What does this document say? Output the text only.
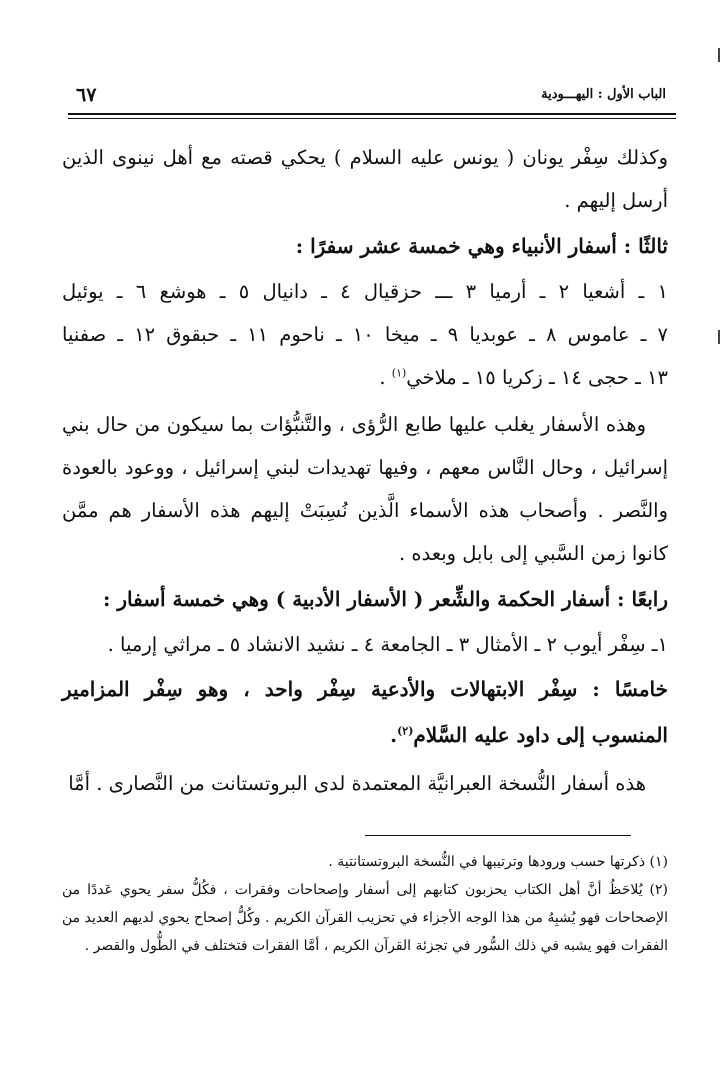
٦٧	الباب الأول : اليهـــودية

وكذلك سِفْر يونان ( يونس عليه السلام ) يحكي قصته مع أهل نينوى الذين

أرسل إليهم .

ثالثًا : أسفار الأنبياء وهي خمسة عشر سفرًا :

١ ـ أشعيا ٢ ـ أرميا ٣ ـــ حزقيال ٤ ـ دانيال ٥ ـ هوشع ٦ ـ يوئيل

٧ ـ عاموس ٨ ـ عوبديا ٩ ـ ميخا ١٠ ـ ناحوم ١١ ـ حبقوق ١٢ ـ صفنيا

١٣ ـ حجى ١٤ ـ زكريا ١٥ ـ ملاخي$^{(١)}$ .

وهذه الأسفار يغلب عليها طابع الرُّؤى ، والتَّنبُّؤات بما سيكون من حال بني إسرائيل ، وحال النَّاس معهم ، وفيها تهديدات لبني إسرائيل ، ووعود بالعودة والنَّصر . وأصحاب هذه الأسماء الَّذين نُسِبَتْ إليهم هذه الأسفار هم ممَّن كانوا زمن السَّبي إلى بابل وبعده .

رابعًا : أسفار الحكمة والشِّعر ( الأسفار الأدبية ) وهي خمسة أسفار :

١ـ سِفْر أيوب ٢ ـ الأمثال ٣ ـ الجامعة ٤ ـ نشيد الانشاد ٥ ـ مراثي إرميا .

خامسًا : سِفْر الابتهالات والأدعية سِفْر واحد ، وهو سِفْر المزامير المنسوب إلى داود عليه السَّلام$^{(٢)}$.

هذه أسفار النُّسخة العبرانيَّة المعتمدة لدى البروتستانت من النَّصارى . أمَّا

(١) ذكرتها حسب ورودها وترتيبها في النُّسخة البروتستانتية .

(٢) يُلاحَظُ أنَّ أهل الكتاب يحزبون كتابهم إلى أسفار وإصحاحات وفقرات ، فكُلُّ سفر يحوي عَددًا من الإصحاحات فهو يُشبِهُ من هذا الوجه الأجزاء في تحزيب القرآن الكريم . وكُلُّ إصحاح يحوي لديهم العديد من الفقرات فهو يشبه في ذلك السُّور في تجزئة القرآن الكريم ، أمَّا الفقرات فتختلف في الطُّول والقصر .
